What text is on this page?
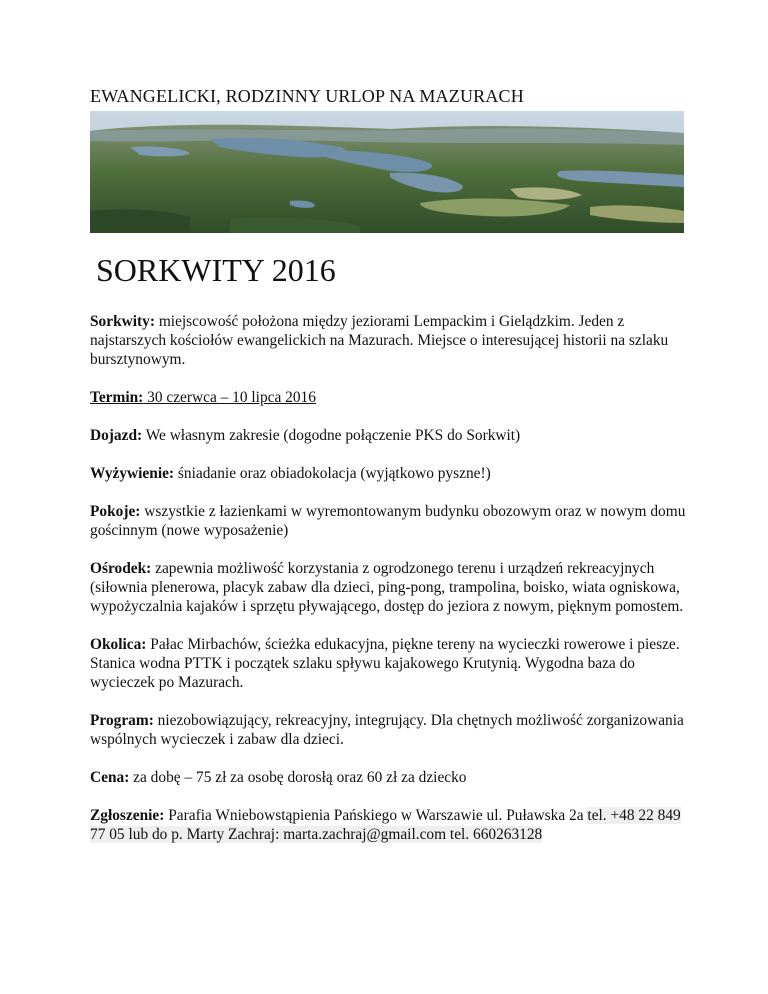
EWANGELICKI, RODZINNY URLOP NA MAZURACH
SORKWITY 2016

Sorkwity: miejscowość położona między jeziorami Lempackim i Gielądzkim. Jeden z najstarszych kościołów ewangelickich na Mazurach. Miejsce o interesującej historii na szlaku bursztynowym.

Termin: 30 czerwca – 10 lipca 2016

Dojazd: We własnym zakresie (dogodne połączenie PKS do Sorkwit)

Wyżywienie: śniadanie oraz obiadokolacja (wyjątkowo pyszne!)

Pokoje: wszystkie z łazienkami w wyremontowanym budynku obozowym oraz w nowym domu gościnnym (nowe wyposażenie)

Ośrodek: zapewnia możliwość korzystania z ogrodzonego terenu i urządzeń rekreacyjnych (siłownia plenerowa, placyk zabaw dla dzieci, ping-pong, trampolina, boisko, wiata ogniskowa, wypożyczalnia kajaków i sprzętu pływającego, dostęp do jeziora z nowym, pięknym pomostem.

Okolica: Pałac Mirbachów, ścieżka edukacyjna, piękne tereny na wycieczki rowerowe i piesze. Stanica wodna PTTK i początek szlaku spływu kajakowego Krutynią. Wygodna baza do wycieczek po Mazurach.

Program: niezobowiązujący, rekreacyjny, integrujący. Dla chętnych możliwość zorganizowania wspólnych wycieczek i zabaw dla dzieci.

Cena: za dobę – 75 zł za osobę dorosłą oraz 60 zł za dziecko

Zgłoszenie: Parafia Wniebowstąpienia Pańskiego w Warszawie ul. Puławska 2a tel. +48 22 849 77 05 lub do p. Marty Zachraj: marta.zachraj@gmail.com tel. 660263128
